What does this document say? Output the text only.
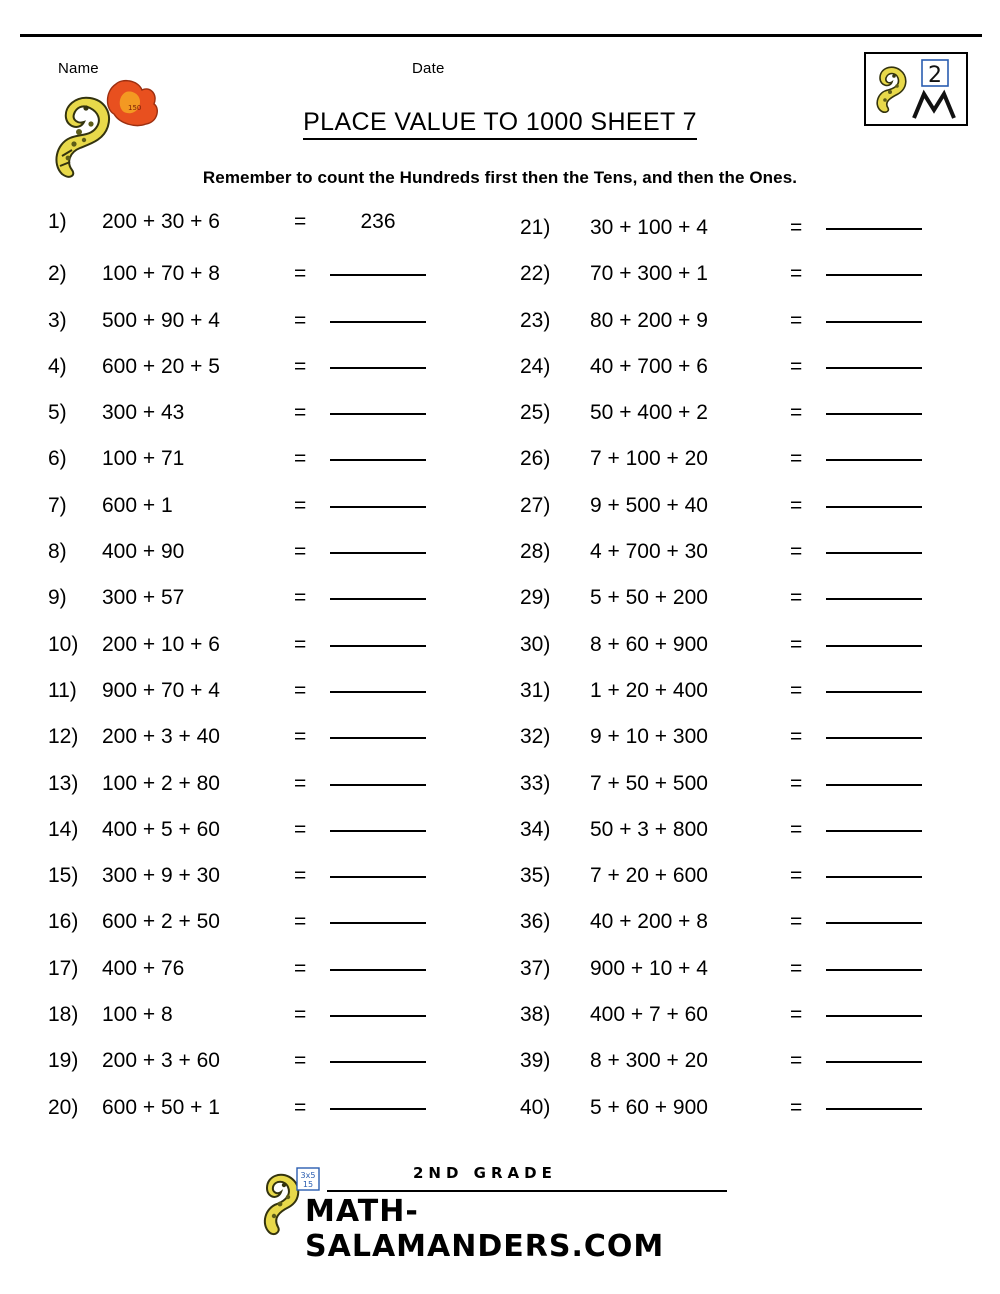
Name	Date
150
2
PLACE VALUE TO 1000 SHEET 7
Remember to count the Hundreds first then the Tens, and then the Ones.
1)	200 + 30 + 6	=	236
2)	100 + 70 + 8	=
3)	500 + 90 + 4	=
4)	600 + 20 + 5	=
5)	300 + 43	=
6)	100 + 71	=
7)	600 + 1	=
8)	400 + 90	=
9)	300 + 57	=
10)	200 + 10 + 6	=
11)	900 + 70 + 4	=
12)	200 + 3 + 40	=
13)	100 + 2 + 80	=
14)	400 + 5 + 60	=
15)	300 + 9 + 30	=
16)	600 + 2 + 50	=
17)	400 + 76	=
18)	100 + 8	=
19)	200 + 3 + 60	=
20)	600 + 50 + 1	=
21)	30 + 100 + 4	=
22)	70 + 300 + 1	=
23)	80 + 200 + 9	=
24)	40 + 700 + 6	=
25)	50 + 400 + 2	=
26)	7 + 100 + 20	=
27)	9 + 500 + 40	=
28)	4 + 700 + 30	=
29)	5 + 50 + 200	=
30)	8 + 60 + 900	=
31)	1 + 20 + 400	=
32)	9 + 10 + 300	=
33)	7 + 50 + 500	=
34)	50 + 3 + 800	=
35)	7 + 20 + 600	=
36)	40 + 200 + 8	=
37)	900 + 10 + 4	=
38)	400 + 7 + 60	=
39)	8 + 300 + 20	=
40)	5 + 60 + 900	=
3x5
15
2ND GRADE
MATH-SALAMANDERS.COM
